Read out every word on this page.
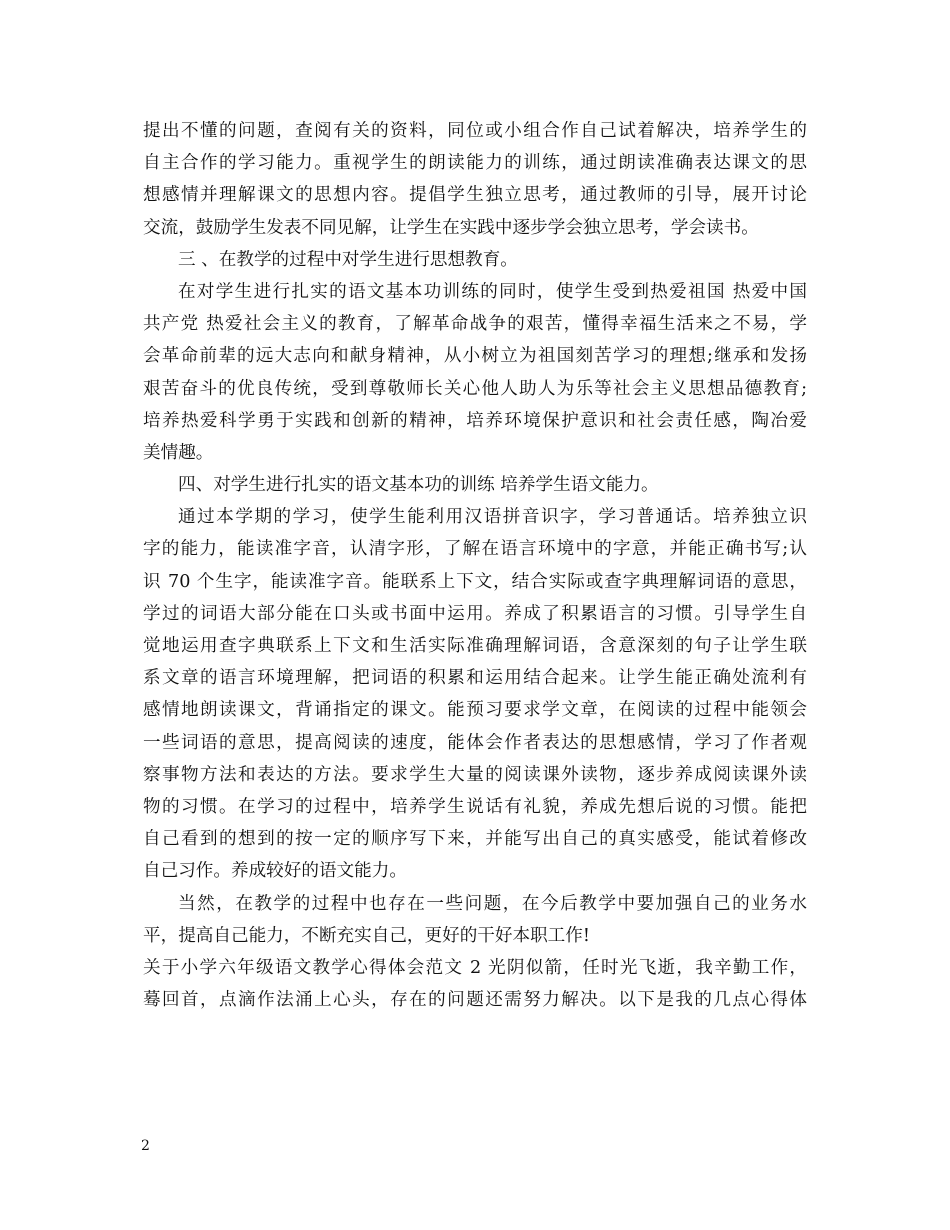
提出不懂的问题，查阅有关的资料，同位或小组合作自己试着解决，培养学生的
自主合作的学习能力。重视学生的朗读能力的训练，通过朗读准确表达课文的思
想感情并理解课文的思想内容。提倡学生独立思考，通过教师的引导，展开讨论
交流，鼓励学生发表不同见解，让学生在实践中逐步学会独立思考，学会读书。
三 、在教学的过程中对学生进行思想教育。
在对学生进行扎实的语文基本功训练的同时，使学生受到热爱祖国 热爱中国
共产党 热爱社会主义的教育，了解革命战争的艰苦，懂得幸福生活来之不易，学
会革命前辈的远大志向和献身精神，从小树立为祖国刻苦学习的理想;继承和发扬
艰苦奋斗的优良传统，受到尊敬师长关心他人助人为乐等社会主义思想品德教育;
培养热爱科学勇于实践和创新的精神，培养环境保护意识和社会责任感，陶冶爱
美情趣。
四、对学生进行扎实的语文基本功的训练 培养学生语文能力。
通过本学期的学习，使学生能利用汉语拼音识字，学习普通话。培养独立识
字的能力，能读准字音，认清字形，了解在语言环境中的字意，并能正确书写;认
识 70 个生字，能读准字音。能联系上下文，结合实际或查字典理解词语的意思，
学过的词语大部分能在口头或书面中运用。养成了积累语言的习惯。引导学生自
觉地运用查字典联系上下文和生活实际准确理解词语，含意深刻的句子让学生联
系文章的语言环境理解，把词语的积累和运用结合起来。让学生能正确处流利有
感情地朗读课文，背诵指定的课文。能预习要求学文章，在阅读的过程中能领会
一些词语的意思，提高阅读的速度，能体会作者表达的思想感情，学习了作者观
察事物方法和表达的方法。要求学生大量的阅读课外读物，逐步养成阅读课外读
物的习惯。在学习的过程中，培养学生说话有礼貌，养成先想后说的习惯。能把
自己看到的想到的按一定的顺序写下来，并能写出自己的真实感受，能试着修改
自己习作。养成较好的语文能力。
当然，在教学的过程中也存在一些问题，在今后教学中要加强自己的业务水
平，提高自己能力，不断充实自己，更好的干好本职工作!
关于小学六年级语文教学心得体会范文 2 光阴似箭，任时光飞逝，我辛勤工作，
蓦回首，点滴作法涌上心头，存在的问题还需努力解决。以下是我的几点心得体
2
